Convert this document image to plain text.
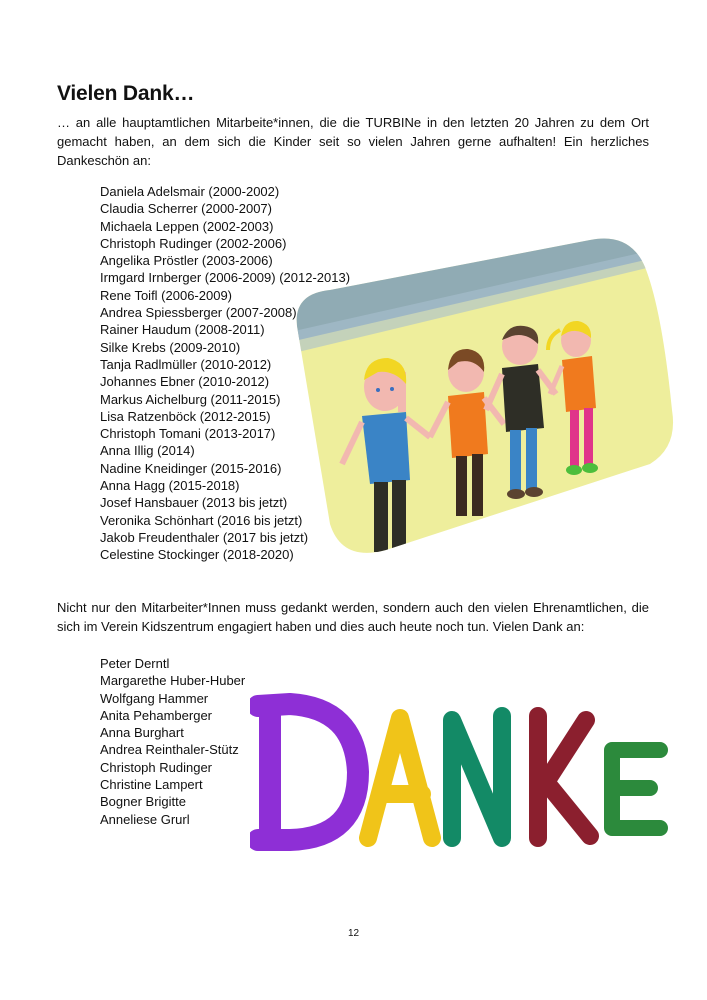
Vielen Dank…

… an alle hauptamtlichen Mitarbeite*innen, die die TURBINe in den letzten 20 Jahren zu dem Ort gemacht haben, an dem sich die Kinder seit so vielen Jahren gerne aufhalten! Ein herzliches Dankeschön an:

Daniela Adelsmair (2000-2002)
Claudia Scherrer (2000-2007)
Michaela Leppen (2002-2003)
Christoph Rudinger (2002-2006)
Angelika Pröstler (2003-2006)
Irmgard Irnberger (2006-2009) (2012-2013)
Rene Toifl (2006-2009)
Andrea Spiessberger (2007-2008)
Rainer Haudum (2008-2011)
Silke Krebs (2009-2010)
Tanja Radlmüller (2010-2012)
Johannes Ebner (2010-2012)
Markus Aichelburg (2011-2015)
Lisa Ratzenböck (2012-2015)
Christoph Tomani (2013-2017)
Anna Illig (2014)
Nadine Kneidinger (2015-2016)
Anna Hagg (2015-2018)
Josef Hansbauer (2013 bis jetzt)
Veronika Schönhart (2016 bis jetzt)
Jakob Freudenthaler (2017 bis jetzt)
Celestine Stockinger (2018-2020)

Nicht nur den Mitarbeiter*Innen muss gedankt werden, sondern auch den vielen Ehrenamtlichen, die sich im Verein Kidszentrum engagiert haben und dies auch heute noch tun. Vielen Dank an:

Peter Derntl
Margarethe Huber-Huber
Wolfgang Hammer
Anita Pehamberger
Anna Burghart
Andrea Reinthaler-Stütz
Christoph Rudinger
Christine Lampert
Bogner Brigitte
Anneliese Grurl
12
